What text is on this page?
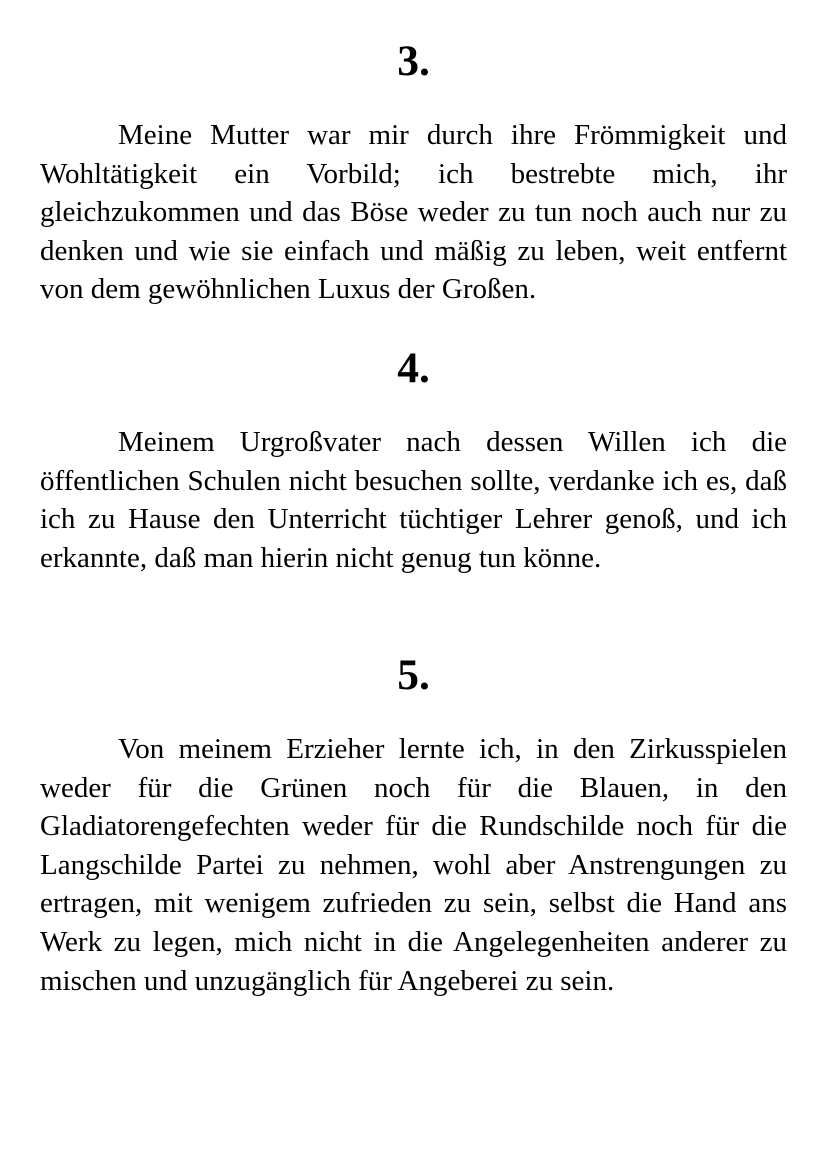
3.

Meine Mutter war mir durch ihre Frömmigkeit und Wohltätigkeit ein Vorbild; ich bestrebte mich, ihr gleichzukommen und das Böse weder zu tun noch auch nur zu denken und wie sie einfach und mäßig zu leben, weit entfernt von dem gewöhnlichen Luxus der Großen.

4.

Meinem Urgroßvater nach dessen Willen ich die öffentlichen Schulen nicht besuchen sollte, verdanke ich es, daß ich zu Hause den Unterricht tüchtiger Lehrer genoß, und ich erkannte, daß man hierin nicht genug tun könne.

5.

Von meinem Erzieher lernte ich, in den Zirkusspielen weder für die Grünen noch für die Blauen, in den Gladiatorengefechten weder für die Rundschilde noch für die Langschilde Partei zu nehmen, wohl aber Anstrengungen zu ertragen, mit wenigem zufrieden zu sein, selbst die Hand ans Werk zu legen, mich nicht in die Angelegenheiten anderer zu mischen und unzugänglich für Angeberei zu sein.
